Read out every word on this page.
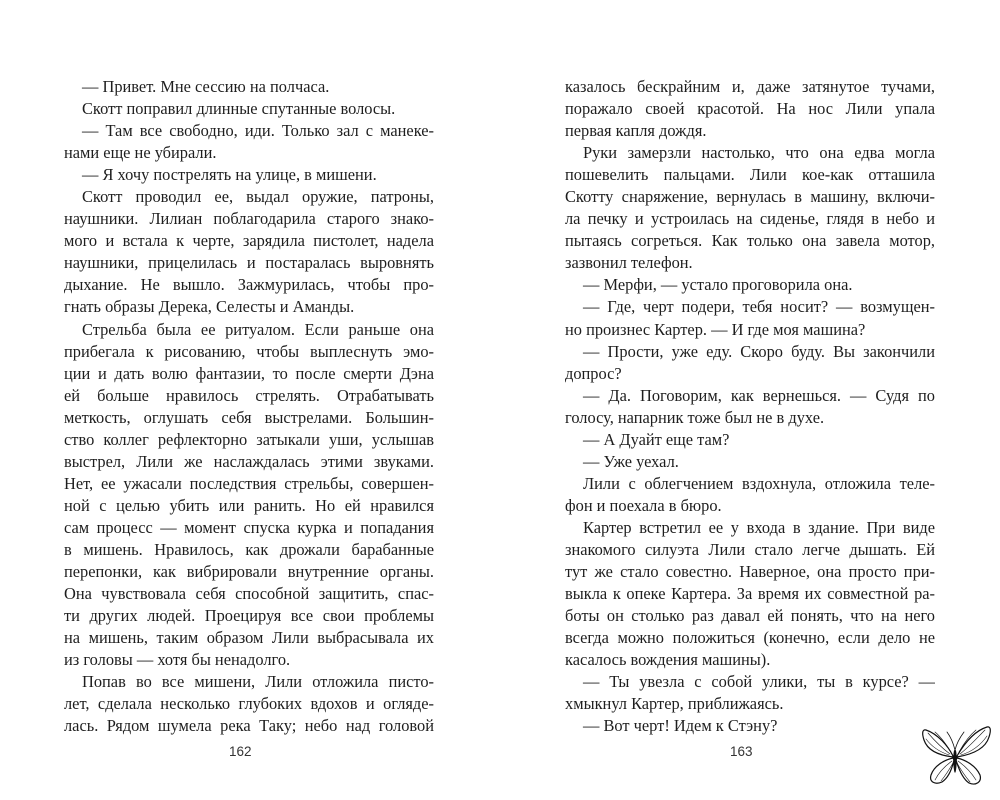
— Привет. Мне сессию на полчаса.
Скотт поправил длинные спутанные волосы.
— Там все свободно, иди. Только зал с манеке-
нами еще не убирали.
— Я хочу пострелять на улице, в мишени.
Скотт проводил ее, выдал оружие, патроны,
наушники. Лилиан поблагодарила старого знако-
мого и встала к черте, зарядила пистолет, надела
наушники, прицелилась и постаралась выровнять
дыхание. Не вышло. Зажмурилась, чтобы про-
гнать образы Дерека, Селесты и Аманды.
Стрельба была ее ритуалом. Если раньше она
прибегала к рисованию, чтобы выплеснуть эмо-
ции и дать волю фантазии, то после смерти Дэна
ей больше нравилось стрелять. Отрабатывать
меткость, оглушать себя выстрелами. Большин-
ство коллег рефлекторно затыкали уши, услышав
выстрел, Лили же наслаждалась этими звуками.
Нет, ее ужасали последствия стрельбы, совершен-
ной с целью убить или ранить. Но ей нравился
сам процесс — момент спуска курка и попадания
в мишень. Нравилось, как дрожали барабанные
перепонки, как вибрировали внутренние органы.
Она чувствовала себя способной защитить, спас-
ти других людей. Проецируя все свои проблемы
на мишень, таким образом Лили выбрасывала их
из головы — хотя бы ненадолго.
Попав во все мишени, Лили отложила писто-
лет, сделала несколько глубоких вдохов и огляде-
лась. Рядом шумела река Таку; небо над головой
казалось бескрайним и, даже затянутое тучами,
поражало своей красотой. На нос Лили упала
первая капля дождя.
Руки замерзли настолько, что она едва могла
пошевелить пальцами. Лили кое-как отташила
Скотту снаряжение, вернулась в машину, включи-
ла печку и устроилась на сиденье, глядя в небо и
пытаясь согреться. Как только она завела мотор,
зазвонил телефон.
— Мерфи, — устало проговорила она.
— Где, черт подери, тебя носит? — возмущен-
но произнес Картер. — И где моя машина?
— Прости, уже еду. Скоро буду. Вы закончили
допрос?
— Да. Поговорим, как вернешься. — Судя по
голосу, напарник тоже был не в духе.
— А Дуайт еще там?
— Уже уехал.
Лили с облегчением вздохнула, отложила теле-
фон и поехала в бюро.
Картер встретил ее у входа в здание. При виде
знакомого силуэта Лили стало легче дышать. Ей
тут же стало совестно. Наверное, она просто при-
выкла к опеке Картера. За время их совместной ра-
боты он столько раз давал ей понять, что на него
всегда можно положиться (конечно, если дело не
касалось вождения машины).
— Ты увезла с собой улики, ты в курсе? —
хмыкнул Картер, приближаясь.
— Вот черт! Идем к Стэну?
162	163
